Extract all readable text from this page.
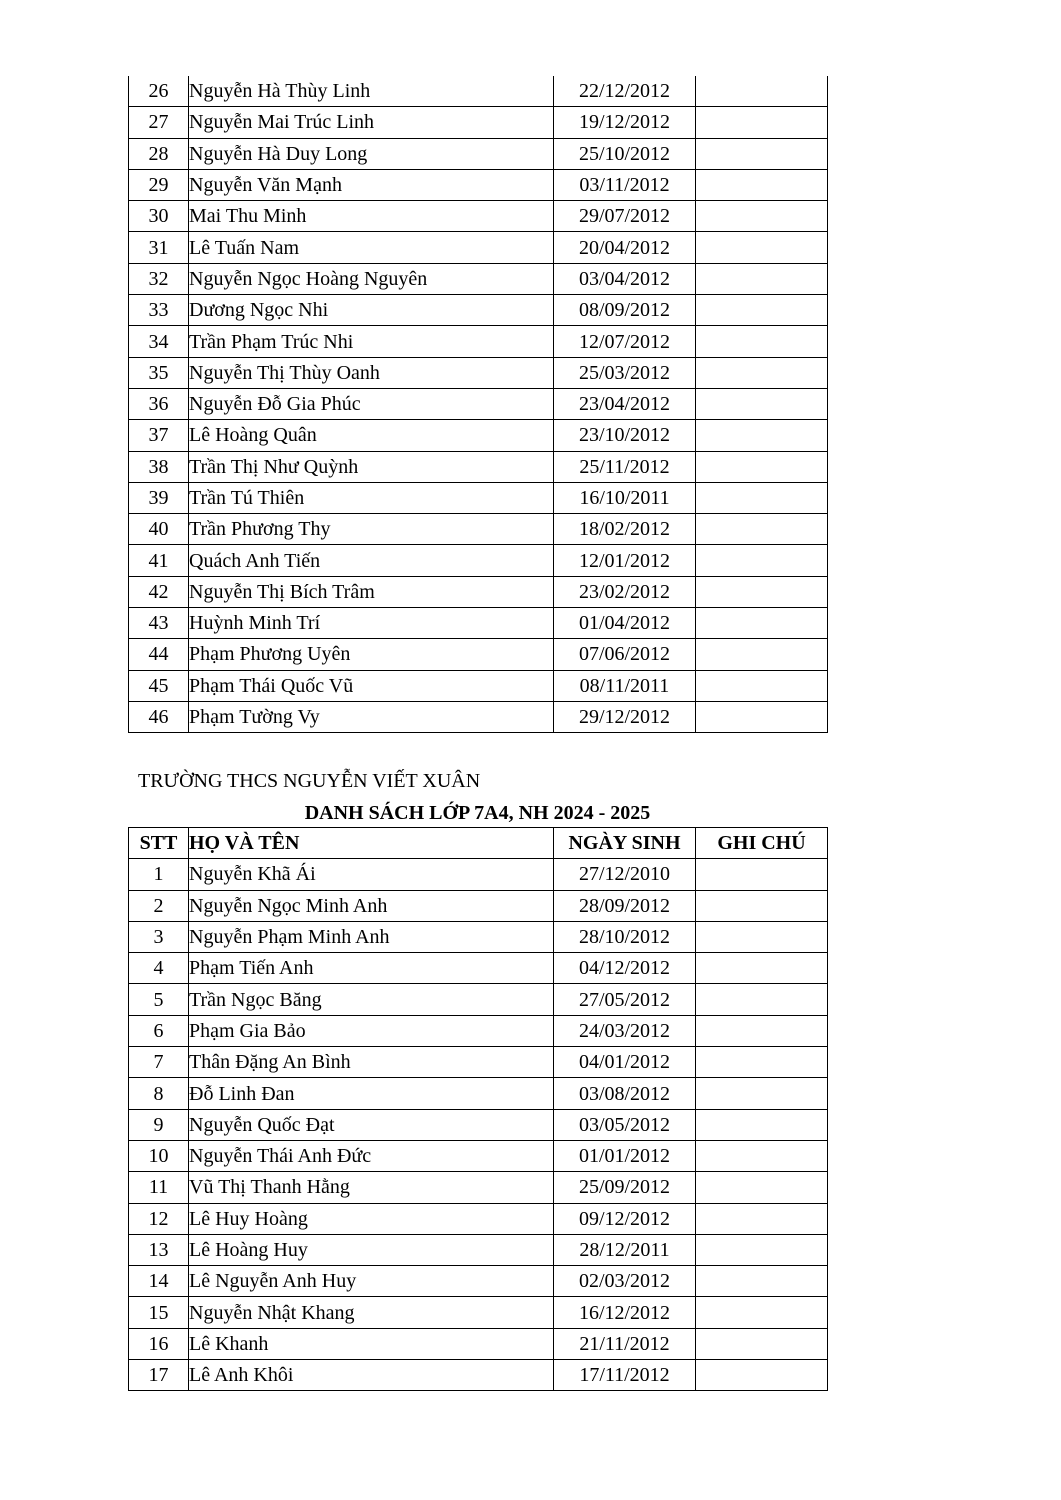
26	Nguyễn Hà Thùy Linh	22/12/2012	
27	Nguyễn Mai Trúc Linh	19/12/2012	
28	Nguyễn Hà Duy Long	25/10/2012	
29	Nguyễn Văn Mạnh	03/11/2012	
30	Mai Thu Minh	29/07/2012	
31	Lê Tuấn Nam	20/04/2012	
32	Nguyễn Ngọc Hoàng Nguyên	03/04/2012	
33	Dương Ngọc Nhi	08/09/2012	
34	Trần Phạm Trúc Nhi	12/07/2012	
35	Nguyễn Thị Thùy Oanh	25/03/2012	
36	Nguyễn Đỗ Gia Phúc	23/04/2012	
37	Lê Hoàng Quân	23/10/2012	
38	Trần Thị Như Quỳnh	25/11/2012	
39	Trần Tú Thiên	16/10/2011	
40	Trần Phương Thy	18/02/2012	
41	Quách Anh Tiến	12/01/2012	
42	Nguyễn Thị Bích Trâm	23/02/2012	
43	Huỳnh Minh Trí	01/04/2012	
44	Phạm Phương Uyên	07/06/2012	
45	Phạm Thái Quốc Vũ	08/11/2011	
46	Phạm Tường Vy	29/12/2012	
TRƯỜNG THCS NGUYỄN VIẾT XUÂN
DANH SÁCH LỚP 7A4, NH 2024 - 2025
STT	HỌ VÀ TÊN	NGÀY SINH	GHI CHÚ
1	Nguyễn Khã Ái	27/12/2010	
2	Nguyễn Ngọc Minh Anh	28/09/2012	
3	Nguyễn Phạm Minh Anh	28/10/2012	
4	Phạm Tiến Anh	04/12/2012	
5	Trần Ngọc Băng	27/05/2012	
6	Phạm Gia Bảo	24/03/2012	
7	Thân Đặng An Bình	04/01/2012	
8	Đỗ Linh Đan	03/08/2012	
9	Nguyễn Quốc Đạt	03/05/2012	
10	Nguyễn Thái Anh Đức	01/01/2012	
11	Vũ Thị Thanh Hằng	25/09/2012	
12	Lê Huy Hoàng	09/12/2012	
13	Lê Hoàng Huy	28/12/2011	
14	Lê Nguyễn Anh Huy	02/03/2012	
15	Nguyễn Nhật Khang	16/12/2012	
16	Lê Khanh	21/11/2012	
17	Lê Anh Khôi	17/11/2012	
